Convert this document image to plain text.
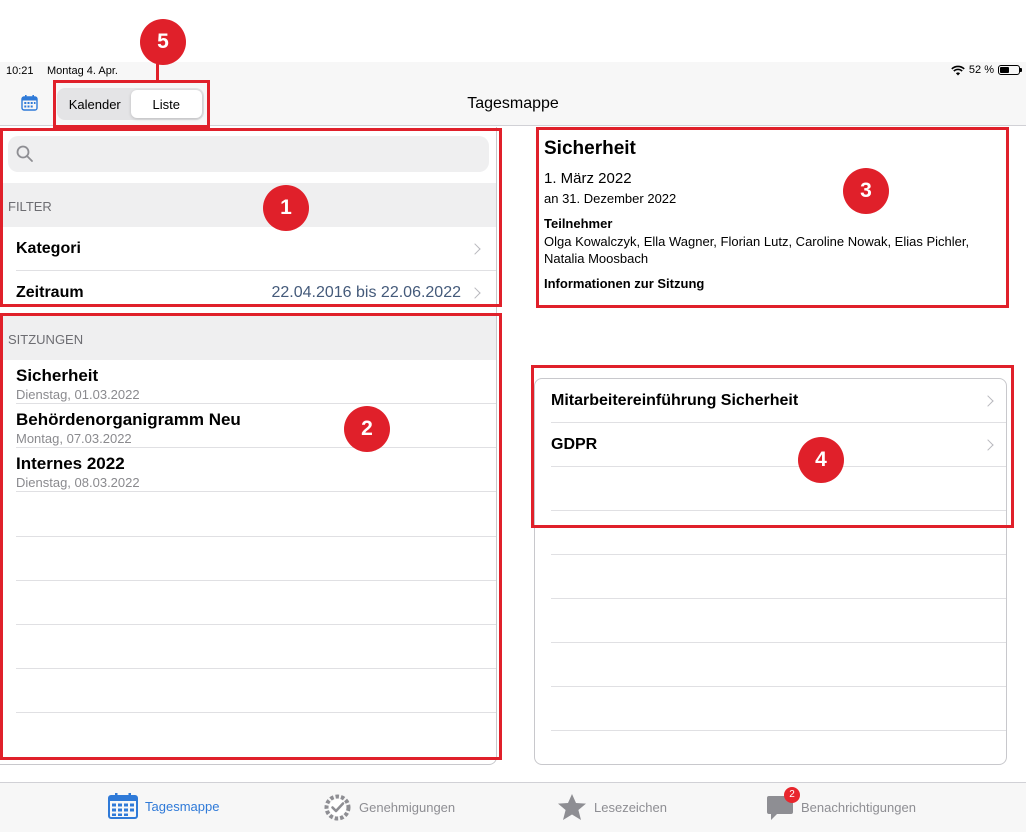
10:21 Montag 4. Apr.	52 %
Kalender	Liste	Tagesmappe
FILTER
Kategori
Zeitraum	22.04.2016 bis 22.06.2022
SITZUNGEN
Sicherheit
Dienstag, 01.03.2022
Behördenorganigramm Neu
Montag, 07.03.2022
Internes 2022
Dienstag, 08.03.2022
Sicherheit
1. März 2022
an 31. Dezember 2022
Teilnehmer
Olga Kowalczyk, Ella Wagner, Florian Lutz, Caroline Nowak, Elias Pichler, Natalia Moosbach
Informationen zur Sitzung
Mitarbeitereinführung Sicherheit
GDPR
Tagesmappe	Genehmigungen	Lesezeichen
2
Benachrichtigungen
5
1
2
3
4
